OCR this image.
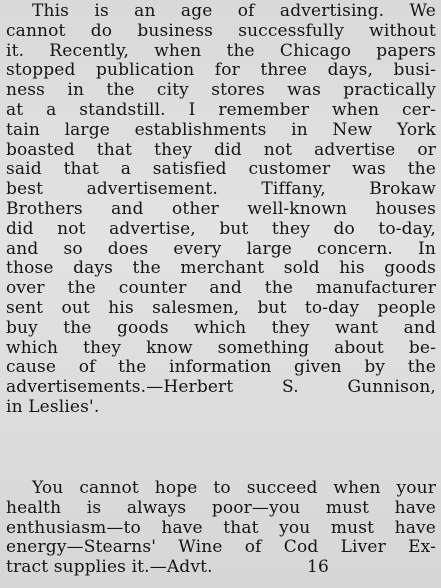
This is an age of advertising. We
cannot do business successfully without
it. Recently, when the Chicago papers
stopped publication for three days, busi-
ness in the city stores was practically
at a standstill. I remember when cer-
tain large establishments in New York
boasted that they did not advertise or
said that a satisfied customer was the
best advertisement. Tiffany, Brokaw
Brothers and other well-known houses
did not advertise, but they do to-day,
and so does every large concern. In
those days the merchant sold his goods
over the counter and the manufacturer
sent out his salesmen, but to-day people
buy the goods which they want and
which they know something about be-
cause of the information given by the
advertisements.—Herbert S. Gunnison,
in Leslies'.
You cannot hope to succeed when your
health is always poor—you must have
enthusiasm—to have that you must have
energy—Stearns' Wine of Cod Liver Ex-
tract supplies it.—Advt.                 16
